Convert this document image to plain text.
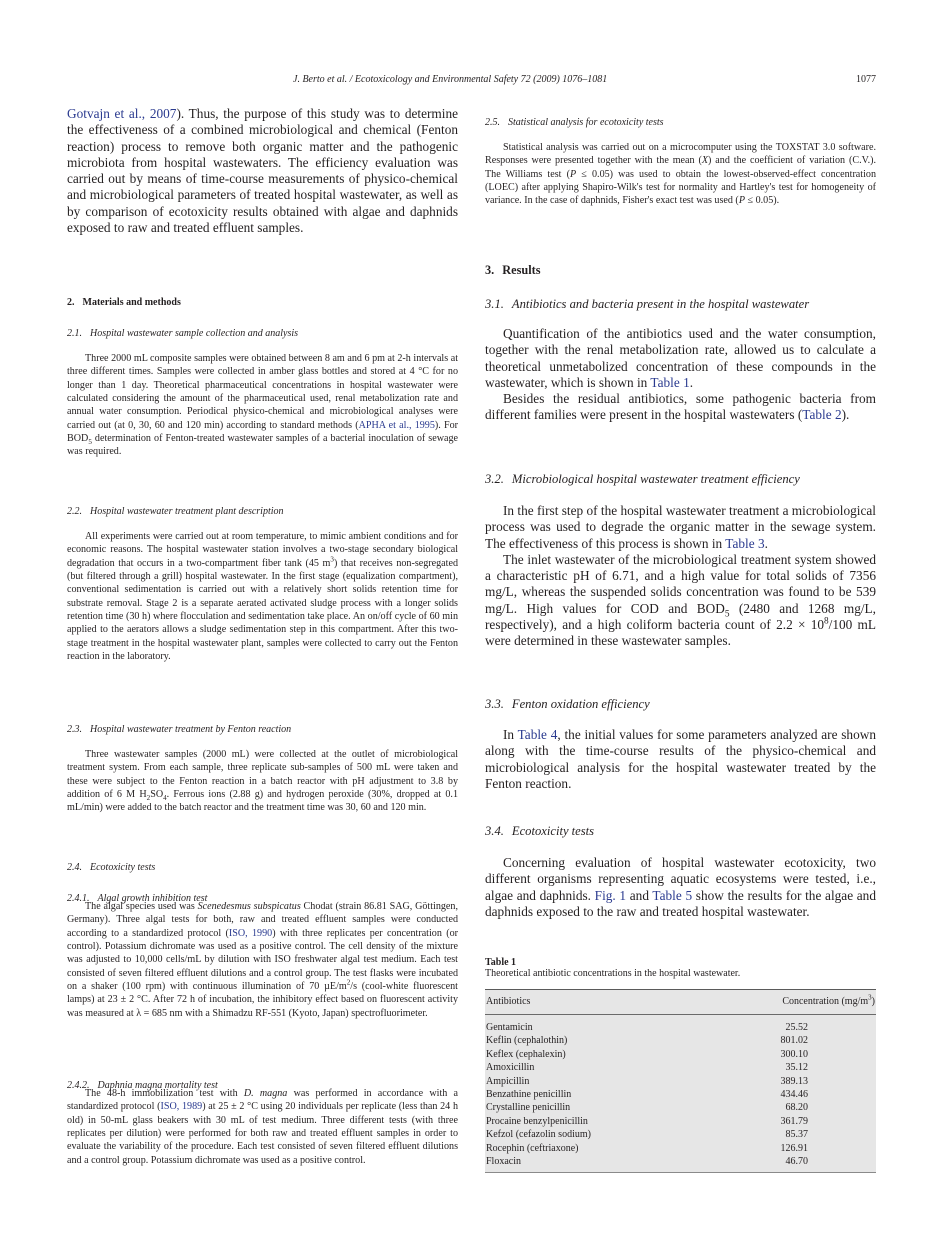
J. Berto et al. / Ecotoxicology and Environmental Safety 72 (2009) 1076–1081	1077

Gotvajn et al., 2007). Thus, the purpose of this study was to determine the effectiveness of a combined microbiological and chemical (Fenton reaction) process to remove both organic matter and the pathogenic microbiota from hospital wastewaters. The efficiency evaluation was carried out by means of time-course measurements of physico-chemical and microbiological parameters of treated hospital wastewater, as well as by comparison of ecotoxicity results obtained with algae and daphnids exposed to raw and treated effluent samples.

2. Materials and methods
2.1. Hospital wastewater sample collection and analysis

Three 2000 mL composite samples were obtained between 8 am and 6 pm at 2-h intervals at three different times. Samples were collected in amber glass bottles and stored at 4 °C for no longer than 1 day. Theoretical pharmaceutical concentrations in hospital wastewater were calculated considering the amount of the pharmaceutical used, renal metabolization rate and annual water consumption. Periodical physico-chemical and microbiological analyses were carried out (at 0, 30, 60 and 120 min) according to standard methods (APHA et al., 1995). For $BOD_5$ determination of Fenton-treated wastewater samples of a bacterial inoculation of sewage was required.

2.2. Hospital wastewater treatment plant description

All experiments were carried out at room temperature, to mimic ambient conditions and for economic reasons. The hospital wastewater station involves a two-stage secondary biological degradation that occurs in a two-compartment fiber tank (45 $m^3$) that receives non-segregated (but filtered through a grill) hospital wastewater. In the first stage (equalization compartment), conventional sedimentation is carried out with a relatively short solids retention time for substrate removal. Stage 2 is a separate aerated activated sludge process with a longer solids retention time (30 h) where flocculation and sedimentation take place. An on/off cycle of 60 min applied to the aerators allows a sludge sedimentation step in this compartment. After this two-stage treatment in the hospital wastewater plant, samples were collected to carry out the Fenton reaction in the laboratory.

2.3. Hospital wastewater treatment by Fenton reaction

Three wastewater samples (2000 mL) were collected at the outlet of microbiological treatment system. From each sample, three replicate sub-samples of 500 mL were taken and these were subject to the Fenton reaction in a batch reactor with pH adjustment to 3.8 by addition of 6 M $H_2SO_4$. Ferrous ions (2.88 g) and hydrogen peroxide (30%, dropped at 0.1 mL/min) were added to the batch reactor and the treatment time was 30, 60 and 120 min.

2.4. Ecotoxicity tests
2.4.1. Algal growth inhibition test

The algal species used was Scenedesmus subspicatus Chodat (strain 86.81 SAG, Göttingen, Germany). Three algal tests for both, raw and treated effluent samples were conducted according to a standardized protocol (ISO, 1990) with three replicates per concentration (or control). Potassium dichromate was used as a positive control. The cell density of the mixture was adjusted to 10,000 cells/mL by dilution with ISO freshwater algal test medium. Each test consisted of seven filtered effluent dilutions and a control group. The test flasks were incubated on a shaker (100 rpm) with continuous illumination of 70 $\mu E/m^2/s$ (cool-white fluorescent lamps) at 23 ± 2 °C. After 72 h of incubation, the inhibitory effect based on fluorescent activity was measured at λ = 685 nm with a Shimadzu RF-551 (Kyoto, Japan) spectrofluorimeter.

2.4.2. Daphnia magna mortality test

The 48-h immobilization test with D. magna was performed in accordance with a standardized protocol (ISO, 1989) at 25 ± 2 °C using 20 individuals per replicate (less than 24 h old) in 50-mL glass beakers with 30 mL of test medium. Three different tests (with three replicates per dilution) were performed for both raw and treated effluent samples in order to evaluate the variability of the procedure. Each test consisted of seven filtered effluent dilutions and a control group. Potassium dichromate was used as a positive control.

2.5. Statistical analysis for ecotoxicity tests

Statistical analysis was carried out on a microcomputer using the TOXSTAT 3.0 software. Responses were presented together with the mean (X) and the coefficient of variation (C.V.). The Williams test (P ≤ 0.05) was used to obtain the lowest-observed-effect concentration (LOEC) after applying Shapiro-Wilk's test for normality and Hartley's test for homogeneity of variance. In the case of daphnids, Fisher's exact test was used (P ≤ 0.05).

3. Results
3.1. Antibiotics and bacteria present in the hospital wastewater

Quantification of the antibiotics used and the water consumption, together with the renal metabolization rate, allowed us to calculate a theoretical unmetabolized concentration of these compounds in the wastewater, which is shown in Table 1.

Besides the residual antibiotics, some pathogenic bacteria from different families were present in the hospital wastewaters (Table 2).

3.2. Microbiological hospital wastewater treatment efficiency

In the first step of the hospital wastewater treatment a microbiological process was used to degrade the organic matter in the sewage system. The effectiveness of this process is shown in Table 3.

The inlet wastewater of the microbiological treatment system showed a characteristic pH of 6.71, and a high value for total solids of 7356 mg/L, whereas the suspended solids concentration was found to be 539 mg/L. High values for COD and $BOD_5$ (2480 and 1268 mg/L, respectively), and a high coliform bacteria count of $2.2 \times 10^8/100$ mL were determined in these wastewater samples.

3.3. Fenton oxidation efficiency

In Table 4, the initial values for some parameters analyzed are shown along with the time-course results of the physico-chemical and microbiological analysis for the hospital wastewater treated by the Fenton reaction.

3.4. Ecotoxicity tests

Concerning evaluation of hospital wastewater ecotoxicity, two different organisms representing aquatic ecosystems were tested, i.e., algae and daphnids. Fig. 1 and Table 5 show the results for the algae and daphnids exposed to the raw and treated hospital wastewater.

Table 1

Theoretical antibiotic concentrations in the hospital wastewater.

Antibiotics	Concentration $(mg/m^3)$
Gentamicin	25.52
Keflin (cephalothin)	801.02
Keflex (cephalexin)	300.10
Amoxicillin	35.12
Ampicillin	389.13
Benzathine penicillin	434.46
Crystalline penicillin	68.20
Procaine benzylpenicillin	361.79
Kefzol (cefazolin sodium)	85.37
Rocephin (ceftriaxone)	126.91
Floxacin	46.70
